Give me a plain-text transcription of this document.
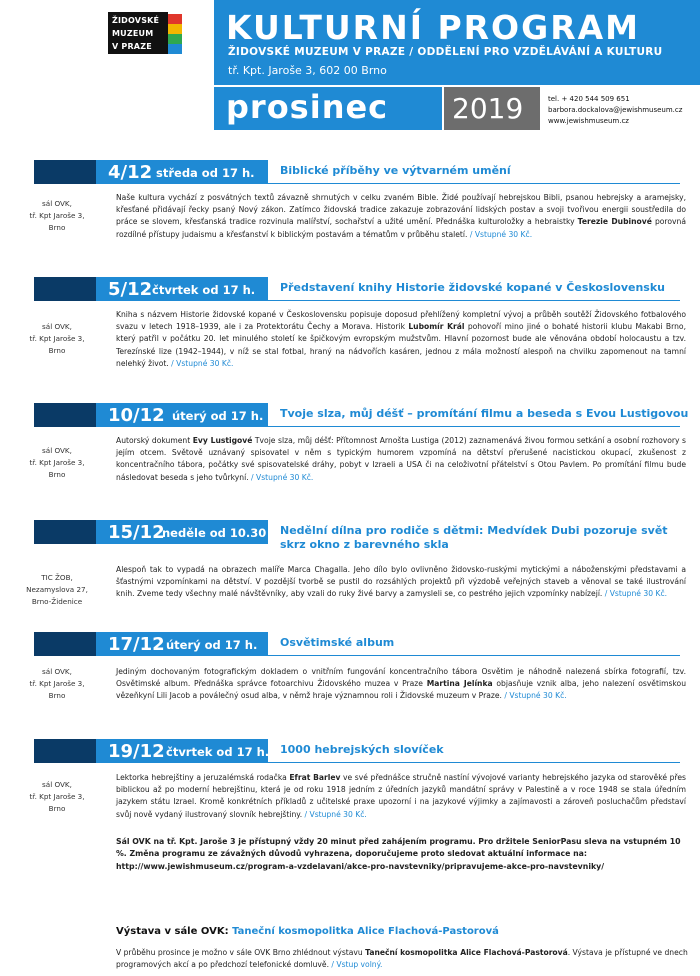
ŽIDOVSKÉ
MUZEUM
V PRAZE	KULTURNÍ PROGRAM
ŽIDOVSKÉ MUZEUM V PRAZE / ODDĚLENÍ PRO VZDĚLÁVÁNÍ A KULTURU
tř. Kpt. Jaroše 3, 602 00 Brno
prosinec 2019	tel. + 420 544 509 651
barbora.dockalova@jewishmuseum.cz
www.jewishmuseum.cz
4/12 středa od 17 h. Biblické příběhy ve výtvarném umění
sál OVK,
tř. Kpt Jaroše 3,
Brno
Naše kultura vychází z posvátných textů závazně shrnutých v celku zvaném Bible. Židé používají hebrejskou Bibli, psanou hebrejsky a aramejsky, křesťané přidávají řecky psaný Nový zákon. Zatímco židovská tradice zakazuje zobrazování lidských postav a svoji tvořivou energii soustředila do práce se slovem, křesťanská tradice rozvinula malířství, sochařství a užité umění. Přednáška kulturoložky a hebraistky Terezie Dubinové porovná rozdílné přístupy judaismu a křesťanství k biblickým postavám a tématům v průběhu staletí. / Vstupné 30 Kč.
5/12 čtvrtek od 17 h. Představení knihy Historie židovské kopané v Československu
sál OVK,
tř. Kpt Jaroše 3,
Brno
Kniha s názvem Historie židovské kopané v Československu popisuje doposud přehlížený kompletní vývoj a průběh soutěží Židovského fotbalového svazu v letech 1918–1939, ale i za Protektorátu Čechy a Morava. Historik Lubomír Král pohovoří mino jiné o bohaté historii klubu Makabi Brno, který patřil v počátku 20. let minulého století ke špičkovým evropským mužstvům. Hlavní pozornost bude ale věnována období holocaustu a tzv. Terezínské lize (1942–1944), v níž se stal fotbal, hraný na nádvořích kasáren, jednou z mála možností alespoň na chvilku zapomenout na tamní nelehký život. / Vstupné 30 Kč.
10/12 úterý od 17 h. Tvoje slza, můj déšť – promítání filmu a beseda s Evou Lustigovou
sál OVK,
tř. Kpt Jaroše 3,
Brno
Autorský dokument Evy Lustigové Tvoje slza, můj déšť: Přítomnost Arnošta Lustiga (2012) zaznamenává živou formou setkání a osobní rozhovory s jejím otcem. Světově uznávaný spisovatel v něm s typickým humorem vzpomíná na dětství přerušené nacistickou okupací, zkušenost z koncentračního tábora, počátky své spisovatelské dráhy, pobyt v Izraeli a USA či na celoživotní přátelství s Otou Pavlem. Po promítání filmu bude následovat beseda s jeho tvůrkyní. / Vstupné 30 Kč.
15/12
neděle od 10.30 h.
Nedělní dílna pro rodiče s dětmi: Medvídek Dubi pozoruje svět
skrz okno z barevného skla
TIC ŽOB,
Nezamyslova 27,
Brno-Židenice
Alespoň tak to vypadá na obrazech malíře Marca Chagalla. Jeho dílo bylo ovlivněno židovsko-ruskými mytickými a náboženskými představami a šťastnými vzpomínkami na dětství. V pozdější tvorbě se pustil do rozsáhlých projektů při výzdobě veřejných staveb a věnoval se také ilustrování knih. Zveme tedy všechny malé návštěvníky, aby vzali do ruky živé barvy a zamysleli se, co pestrého jejich vzpomínky nabízejí. / Vstupné 30 Kč.
17/12 úterý od 17 h. Osvětimské album
sál OVK,
tř. Kpt Jaroše 3,
Brno
Jediným dochovaným fotografickým dokladem o vnitřním fungování koncentračního tábora Osvětim je náhodně nalezená sbírka fotografií, tzv. Osvětimské album. Přednáška správce fotoarchivu Židovského muzea v Praze Martina Jelínka objasňuje vznik alba, jeho nalezení osvětimskou vězeňkyní Lili Jacob a poválečný osud alba, v němž hraje významnou roli i Židovské muzeum v Praze. / Vstupné 30 Kč.
19/12 čtvrtek od 17 h. 1000 hebrejských slovíček
sál OVK,
tř. Kpt Jaroše 3,
Brno
Lektorka hebrejštiny a jeruzalémská rodačka Efrat Barlev ve své přednášce stručně nastíní vývojové varianty hebrejského jazyka od starověké přes biblickou až po moderní hebrejštinu, která je od roku 1918 jedním z úředních jazyků mandátní správy v Palestině a v roce 1948 se stala úředním jazykem státu Izrael. Kromě konkrétních příkladů z učitelské praxe upozorní i na jazykové výjimky a zajímavosti a zároveň posluchačům představí svůj nově vydaný ilustrovaný slovník hebrejštiny. / Vstupné 30 Kč.
Sál OVK na tř. Kpt. Jaroše 3 je přístupný vždy 20 minut před zahájením programu. Pro držitele SeniorPasu sleva na vstupném 10 %. Změna programu ze závažných důvodů vyhrazena, doporučujeme proto sledovat aktuální informace na: http://www.jewishmuseum.cz/program-a-vzdelavani/akce-pro-navstevniky/pripravujeme-akce-pro-navstevniky/
Výstava v sále OVK: Taneční kosmopolitka Alice Flachová-Pastorová
V průběhu prosince je možno v sále OVK Brno zhlédnout výstavu Taneční kosmopolitka Alice Flachová-Pastorová. Výstava je přístupné ve dnech programových akcí a po předchozí telefonické domluvě. / Vstup volný.
